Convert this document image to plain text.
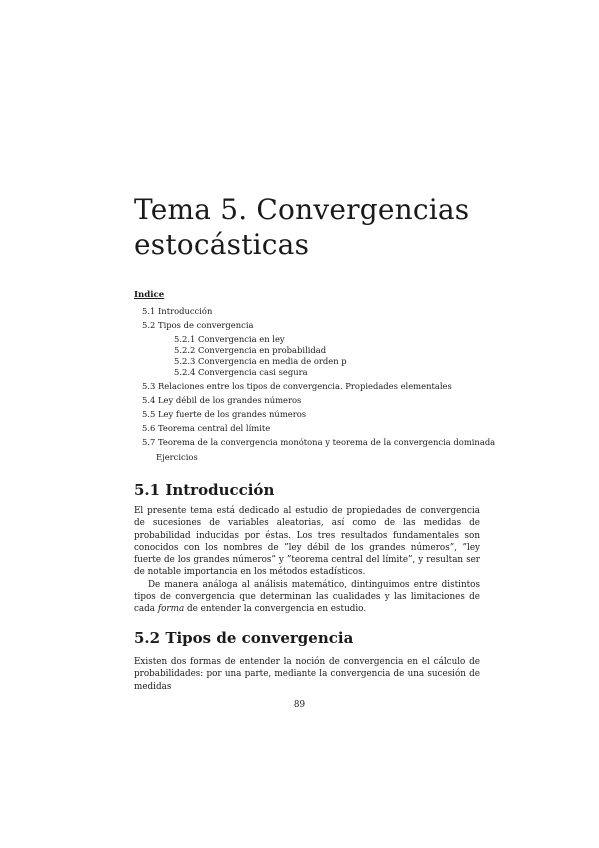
Tema 5. Convergencias
estocásticas

Indice

5.1 Introducción
5.2 Tipos de convergencia
5.2.1 Convergencia en ley
5.2.2 Convergencia en probabilidad
5.2.3 Convergencia en media de orden p
5.2.4 Convergencia casi segura
5.3 Relaciones entre los tipos de convergencia. Propiedades elementales
5.4 Ley débil de los grandes números
5.5 Ley fuerte de los grandes números
5.6 Teorema central del límite
5.7 Teorema de la convergencia monótona y teorema de la convergencia dominada
Ejercicios
5.1 Introducción

El presente tema está dedicado al estudio de propiedades de convergencia de sucesiones de variables aleatorias, así como de las medidas de probabilidad inducidas por éstas. Los tres resultados fundamentales son conocidos con los nombres de ”ley débil de los grandes números”, ”ley fuerte de los grandes números” y ”teorema central del límite”, y resultan ser de notable importancia en los métodos estadísticos.

De manera análoga al análisis matemático, dintinguimos entre distintos tipos de convergencia que determinan las cualidades y las limitaciones de cada forma de entender la convergencia en estudio.

5.2 Tipos de convergencia

Existen dos formas de entender la noción de convergencia en el cálculo de probabilidades: por una parte, mediante la convergencia de una sucesión de medidas

89
